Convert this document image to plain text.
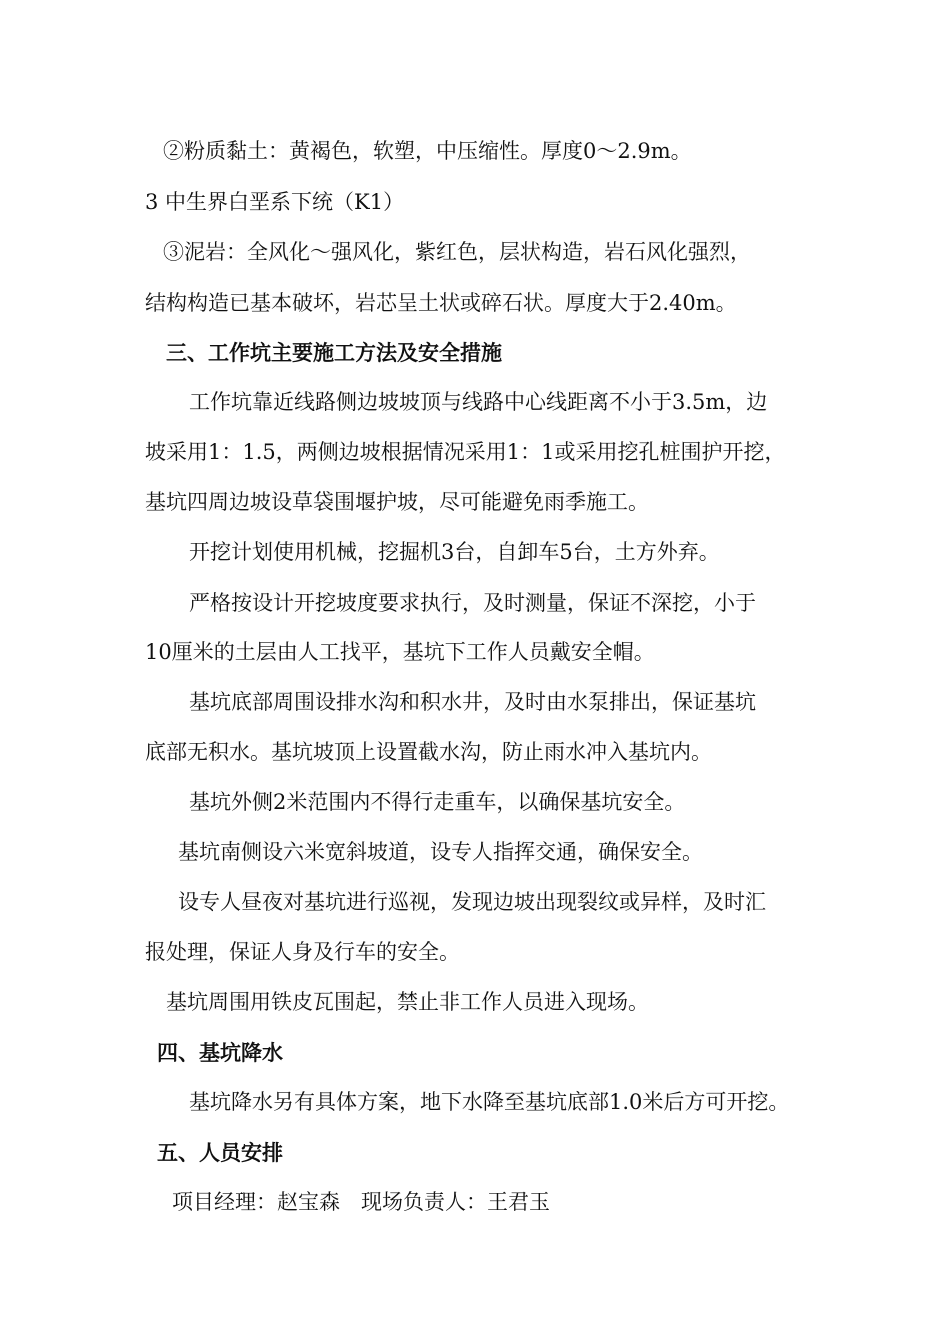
②粉质黏土：黄褐色，软塑，中压缩性。厚度0～2.9m。
3 中生界白垩系下统（K1）
③泥岩：全风化～强风化，紫红色，层状构造，岩石风化强烈，
结构构造已基本破坏，岩芯呈土状或碎石状。厚度大于2.40m。
三、工作坑主要施工方法及安全措施
工作坑靠近线路侧边坡坡顶与线路中心线距离不小于3.5m，边
坡采用1：1.5，两侧边坡根据情况采用1：1或采用挖孔桩围护开挖，
基坑四周边坡设草袋围堰护坡，尽可能避免雨季施工。
开挖计划使用机械，挖掘机3台，自卸车5台，土方外弃。
严格按设计开挖坡度要求执行，及时测量，保证不深挖，小于
10厘米的土层由人工找平，基坑下工作人员戴安全帽。
基坑底部周围设排水沟和积水井，及时由水泵排出，保证基坑
底部无积水。基坑坡顶上设置截水沟，防止雨水冲入基坑内。
基坑外侧2米范围内不得行走重车，以确保基坑安全。
基坑南侧设六米宽斜坡道，设专人指挥交通，确保安全。
设专人昼夜对基坑进行巡视，发现边坡出现裂纹或异样，及时汇
报处理，保证人身及行车的安全。
基坑周围用铁皮瓦围起，禁止非工作人员进入现场。
四、基坑降水
基坑降水另有具体方案，地下水降至基坑底部1.0米后方可开挖。
五、人员安排
项目经理：赵宝森　现场负责人：王君玉
